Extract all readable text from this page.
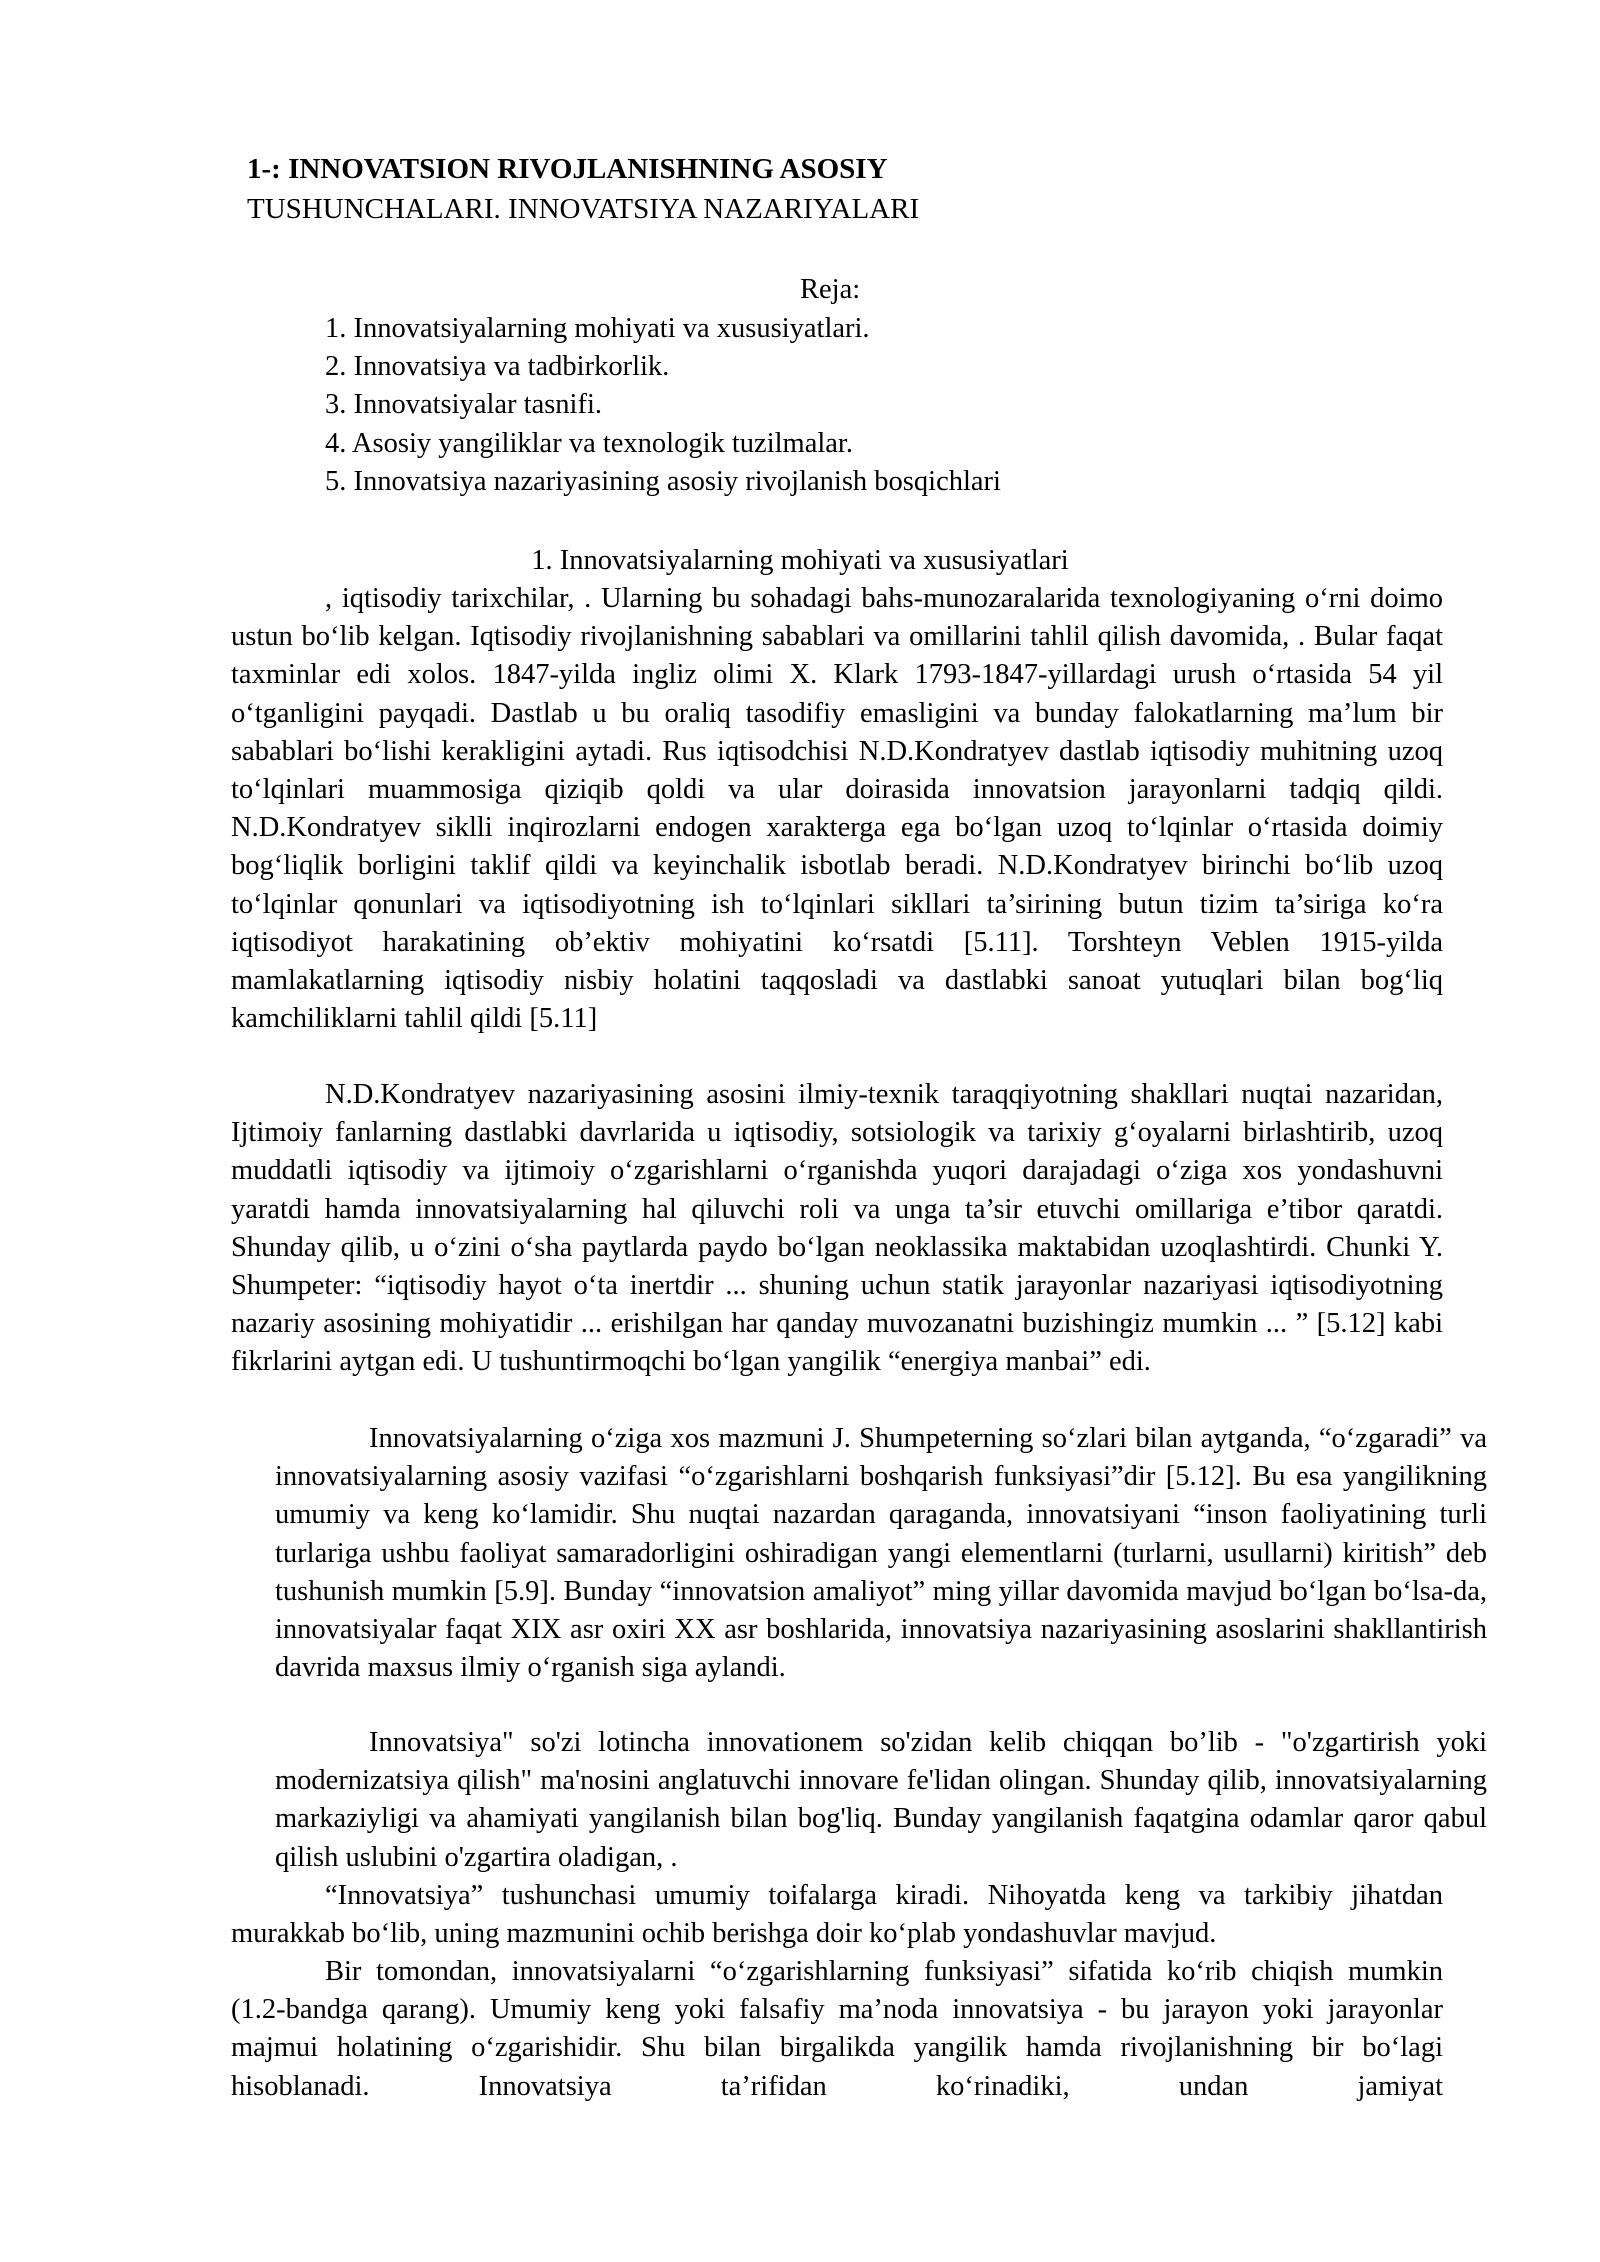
1-: INNOVATSION RIVOJLANISHNING ASOSIY
TUSHUNCHALARI. INNOVATSIYA NAZARIYALARI
Reja:
1. Innovatsiyalarning mohiyati va xususiyatlari.
2. Innovatsiya va tadbirkorlik.
3. Innovatsiyalar tasnifi.
4. Asosiy yangiliklar va texnologik tuzilmalar.
5. Innovatsiya nazariyasining asosiy rivojlanish bosqichlari
1. Innovatsiyalarning mohiyati va xususiyatlari

, iqtisodiy tarixchilar, . Ularning bu sohadagi bahs-munozaralarida texnologiyaning o‘rni doimo ustun bo‘lib kelgan. Iqtisodiy rivojlanishning sabablari va omillarini tahlil qilish davomida, . Bular faqat taxminlar edi xolos. 1847-yilda ingliz olimi X. Klark 1793-1847-yillardagi urush o‘rtasida 54 yil o‘tganligini payqadi. Dastlab u bu oraliq tasodifiy emasligini va bunday falokatlarning ma’lum bir sabablari bo‘lishi kerakligini aytadi. Rus iqtisodchisi N.D.Kondratyev dastlab iqtisodiy muhitning uzoq to‘lqinlari muammosiga qiziqib qoldi va ular doirasida innovatsion jarayonlarni tadqiq qildi. N.D.Kondratyev siklli inqirozlarni endogen xarakterga ega bo‘lgan uzoq to‘lqinlar o‘rtasida doimiy bog‘liqlik borligini taklif qildi va keyinchalik isbotlab beradi. N.D.Kondratyev birinchi bo‘lib uzoq to‘lqinlar qonunlari va iqtisodiyotning ish to‘lqinlari sikllari ta’sirining butun tizim ta’siriga ko‘ra iqtisodiyot harakatining ob’ektiv mohiyatini ko‘rsatdi [5.11]. Torshteyn Veblen 1915-yilda mamlakatlarning iqtisodiy nisbiy holatini taqqosladi va dastlabki sanoat yutuqlari bilan bog‘liq kamchiliklarni tahlil qildi [5.11]

N.D.Kondratyev nazariyasining asosini ilmiy-texnik taraqqiyotning shakllari nuqtai nazaridan, Ijtimoiy fanlarning dastlabki davrlarida u iqtisodiy, sotsiologik va tarixiy g‘oyalarni birlashtirib, uzoq muddatli iqtisodiy va ijtimoiy o‘zgarishlarni o‘rganishda yuqori darajadagi o‘ziga xos yondashuvni yaratdi hamda innovatsiyalarning hal qiluvchi roli va unga ta’sir etuvchi omillariga e’tibor qaratdi. Shunday qilib, u o‘zini o‘sha paytlarda paydo bo‘lgan neoklassika maktabidan uzoqlashtirdi. Chunki Y. Shumpeter: “iqtisodiy hayot o‘ta inertdir ... shuning uchun statik jarayonlar nazariyasi iqtisodiyotning nazariy asosining mohiyatidir ... erishilgan har qanday muvozanatni buzishingiz mumkin ... ” [5.12] kabi fikrlarini aytgan edi. U tushuntirmoqchi bo‘lgan yangilik “energiya manbai” edi.

Innovatsiyalarning o‘ziga xos mazmuni J. Shumpeterning so‘zlari bilan aytganda, “o‘zgaradi” va innovatsiyalarning asosiy vazifasi “o‘zgarishlarni boshqarish funksiyasi”dir [5.12]. Bu esa yangilikning umumiy va keng ko‘lamidir. Shu nuqtai nazardan qaraganda, innovatsiyani “inson faoliyatining turli turlariga ushbu faoliyat samaradorligini oshiradigan yangi elementlarni (turlarni, usullarni) kiritish” deb tushunish mumkin [5.9]. Bunday “innovatsion amaliyot” ming yillar davomida mavjud bo‘lgan bo‘lsa-da, innovatsiyalar faqat XIX asr oxiri XX asr boshlarida, innovatsiya nazariyasining asoslarini shakllantirish davrida maxsus ilmiy o‘rganish siga aylandi.

Innovatsiya" so'zi lotincha innovationem so'zidan kelib chiqqan bo’lib - "o'zgartirish yoki modernizatsiya qilish" ma'nosini anglatuvchi innovare fe'lidan olingan. Shunday qilib, innovatsiyalarning markaziyligi va ahamiyati yangilanish bilan bog'liq. Bunday yangilanish faqatgina odamlar qaror qabul qilish uslubini o'zgartira oladigan, .

“Innovatsiya” tushunchasi umumiy toifalarga kiradi. Nihoyatda keng va tarkibiy jihatdan murakkab bo‘lib, uning mazmunini ochib berishga doir ko‘plab yondashuvlar mavjud.

Bir tomondan, innovatsiyalarni “o‘zgarishlarning funksiyasi” sifatida ko‘rib chiqish mumkin (1.2-bandga qarang). Umumiy keng yoki falsafiy ma’noda innovatsiya - bu jarayon yoki jarayonlar majmui holatining o‘zgarishidir. Shu bilan birgalikda yangilik hamda rivojlanishning bir bo‘lagi hisoblanadi. Innovatsiya ta’rifidan ko‘rinadiki, undan jamiyat
